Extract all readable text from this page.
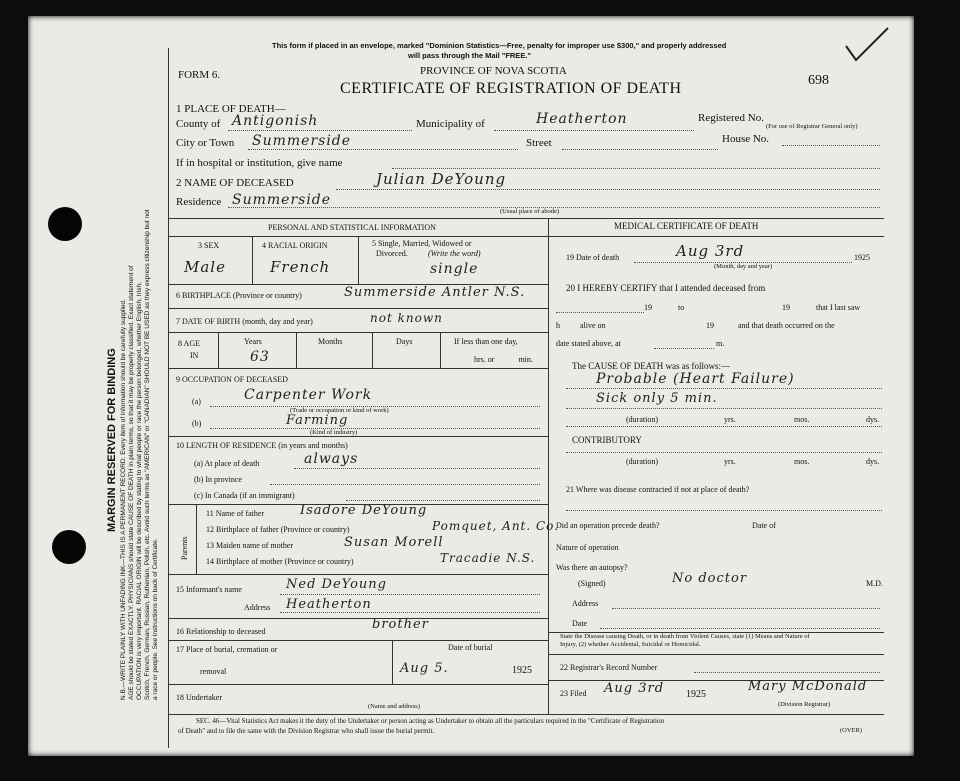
MARGIN RESERVED FOR BINDING N.B.—WRITE PLAINLY WITH UNFADING INK—THIS IS A PERMANENT RECORD. Every item of information should be carefully supplied. AGE should be stated EXACTLY. PHYSICIANS should state CAUSE OF DEATH in plain terms, so that it may be properly classified. Exact statement of OCCUPATION is very important. RACIAL ORIGIN will be described by stating to what people or race the person belonged, whether English, Irish, Scotch, French, German, Russian, Ruthenian, Polish, etc. Avoid such terms as "AMERICAN" or "CANADIAN" SHOULD NOT BE USED as they express citizenship but not a race or people. See instructions on back of Certificate.
This form if placed in an envelope, marked "Dominion Statistics—Free, penalty for improper use $300," and properly addressed
will pass through the Mail "FREE."
FORM 6.	PROVINCE OF NOVA SCOTIA
CERTIFICATE OF REGISTRATION OF DEATH	698
1 PLACE OF DEATH—
County of Antigonish	Municipality of	Heatherton	Registered No.
(For use of Registrar General only)
City or Town Summerside	Street	House No.
If in hospital or institution, give name
2 NAME OF DECEASED	Julian DeYoung
Residence Summerside
(Usual place of abode)
PERSONAL AND STATISTICAL INFORMATION	MEDICAL CERTIFICATE OF DEATH
3 SEX	4 RACIAL ORIGIN	5 Single, Married, Widowed or
Divorced.	(Write the word)
Male	French	single
6 BIRTHPLACE (Province or country)	Summerside Antler N.S.
7 DATE OF BIRTH (month, day and year)	not known
8 AGE
IN
Years	Months	Days	If less than one day,
hrs. or            min.
63
9 OCCUPATION OF DECEASED
(a)	Carpenter Work
(Trade or occupation or kind of work)
(b)	Farming
(Kind of industry)
10 LENGTH OF RESIDENCE (in years and months)
(a) At place of death	always
(b) In province
(c) In Canada (if an immigrant)
Parents
11 Name of father	Isadore DeYoung
12 Birthplace of father (Province or country)	Pomquet, Ant. Co.
13 Maiden name of mother	Susan Morell
14 Birthplace of mother (Province or country)	Tracadie N.S.
15 Informant's name	Ned DeYoung
Address Heatherton
16 Relationship to deceased	brother
17 Place of burial, cremation or
removal
Date of burial
Aug 5.	1925
18 Undertaker
(Name and address)
19 Date of death	Aug 3rd	1925
(Month, day and year)
20 I HEREBY CERTIFY that I attended deceased from
19	to	19	that I last saw
h	alive on	19	and that death occurred on the
date stated above, at	m.
The CAUSE OF DEATH was as follows:—
Probable (Heart Failure)
Sick only 5 min.
(duration)	yrs.	mos.	dys.
CONTRIBUTORY
(duration)	yrs.	mos.	dys.
21 Where was disease contracted if not at place of death?
Did an operation precede death?	Date of
Nature of operation
Was there an autopsy?
(Signed)	No doctor	M.D.
Address
Date
State the Disease causing Death, or in death from Violent Causes, state (1) Means and Nature of
Injury, (2) whether Accidental, Suicidal or Homicidal.
22 Registrar's Record Number
23 Filed Aug 3rd 1925
Mary McDonald
(Division Registrar)
SEC. 46—Vital Statistics Act makes it the duty of the Undertaker or person acting as Undertaker to obtain all the particulars required in the "Certificate of Registration
of Death" and to file the same with the Division Registrar who shall issue the burial permit.	(OVER)
